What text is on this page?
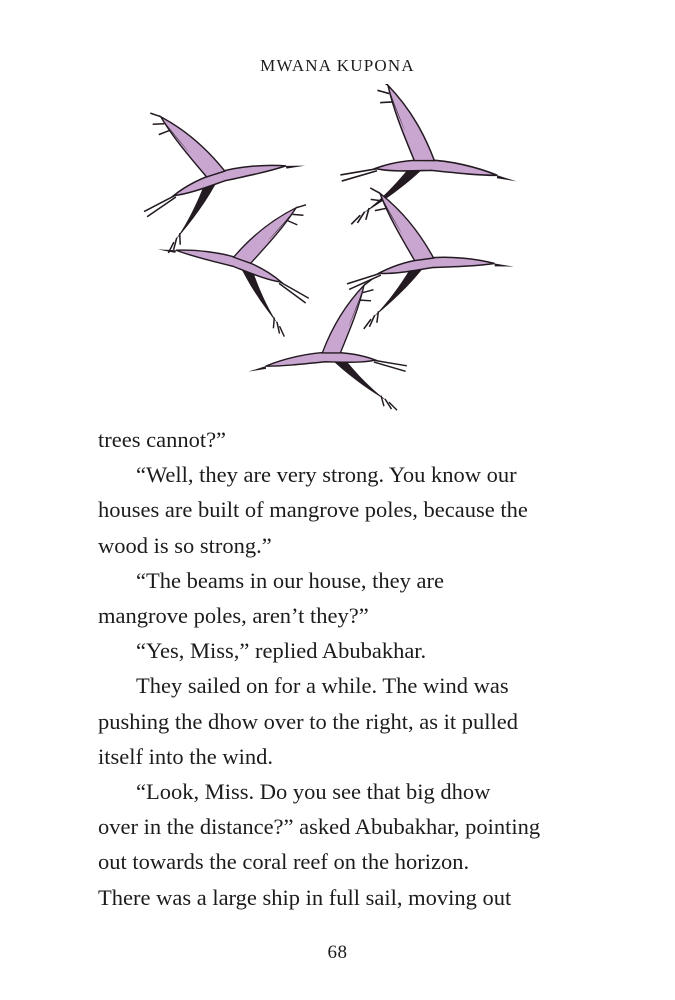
MWANA KUPONA
trees cannot?”
“Well, they are very strong. You know our
houses are built of mangrove poles, because the
wood is so strong.”
“The beams in our house, they are
mangrove poles, aren’t they?”
“Yes, Miss,” replied Abubakhar.
They sailed on for a while. The wind was
pushing the dhow over to the right, as it pulled
itself into the wind.
“Look, Miss. Do you see that big dhow
over in the distance?” asked Abubakhar, pointing
out towards the coral reef on the horizon.
There was a large ship in full sail, moving out
68
